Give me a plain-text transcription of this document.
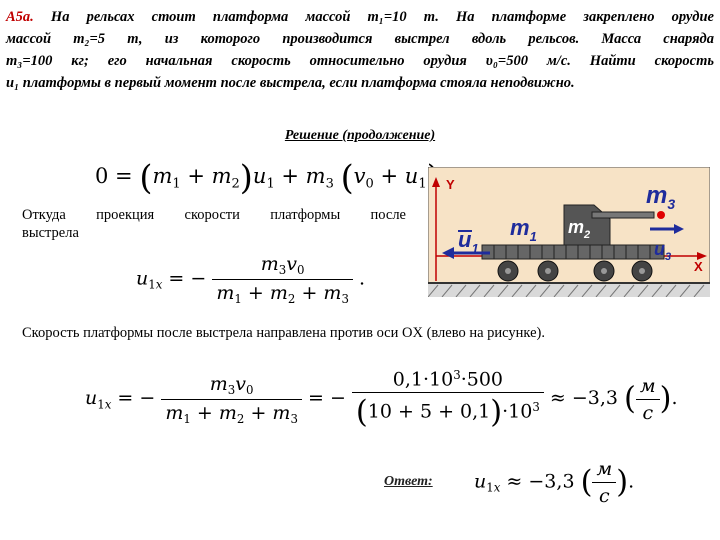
А5а. На рельсах стоит платформа массой m₁=10 т. На платформе закреплено орудие
массой m₂=5 т, из которого производится выстрел вдоль рельсов. Масса снаряда
m₃=100 кг; его начальная скорость относительно орудия υ₀=500 м/с. Найти скорость
u₁ платформы в первый момент после выстрела, если платформа стояла неподвижно.
Решение (продолжение)
$0 = (m_1 + m_2)u_1 + m_3$ ($v_0 + u_1$
Откуда проекция скорости платформы после
выстрела
$u_{1x}$ = − $\frac{m_3v_0}{m_1 + m_2 + m_3}$ .
Скорость платформы после выстрела направлена против оси OX (влево на рисунке).
$u_{1x}$ = − $\frac{m_3v_0}{m_1 + m_2 + m_3}$ = − $\frac{0,1\cdot 10^3\cdot 500}{(10 + 5 + 0,1)\cdot 10^3} \approx -3,3$ ( $\frac{м}{с}$ ).
Ответ: $u_{1x} \approx -3,3$ ( $\frac{м}{с}$ ).
Y
X
$m_3$
$m_1$ $m_2$
$u_1$	$u_3$
